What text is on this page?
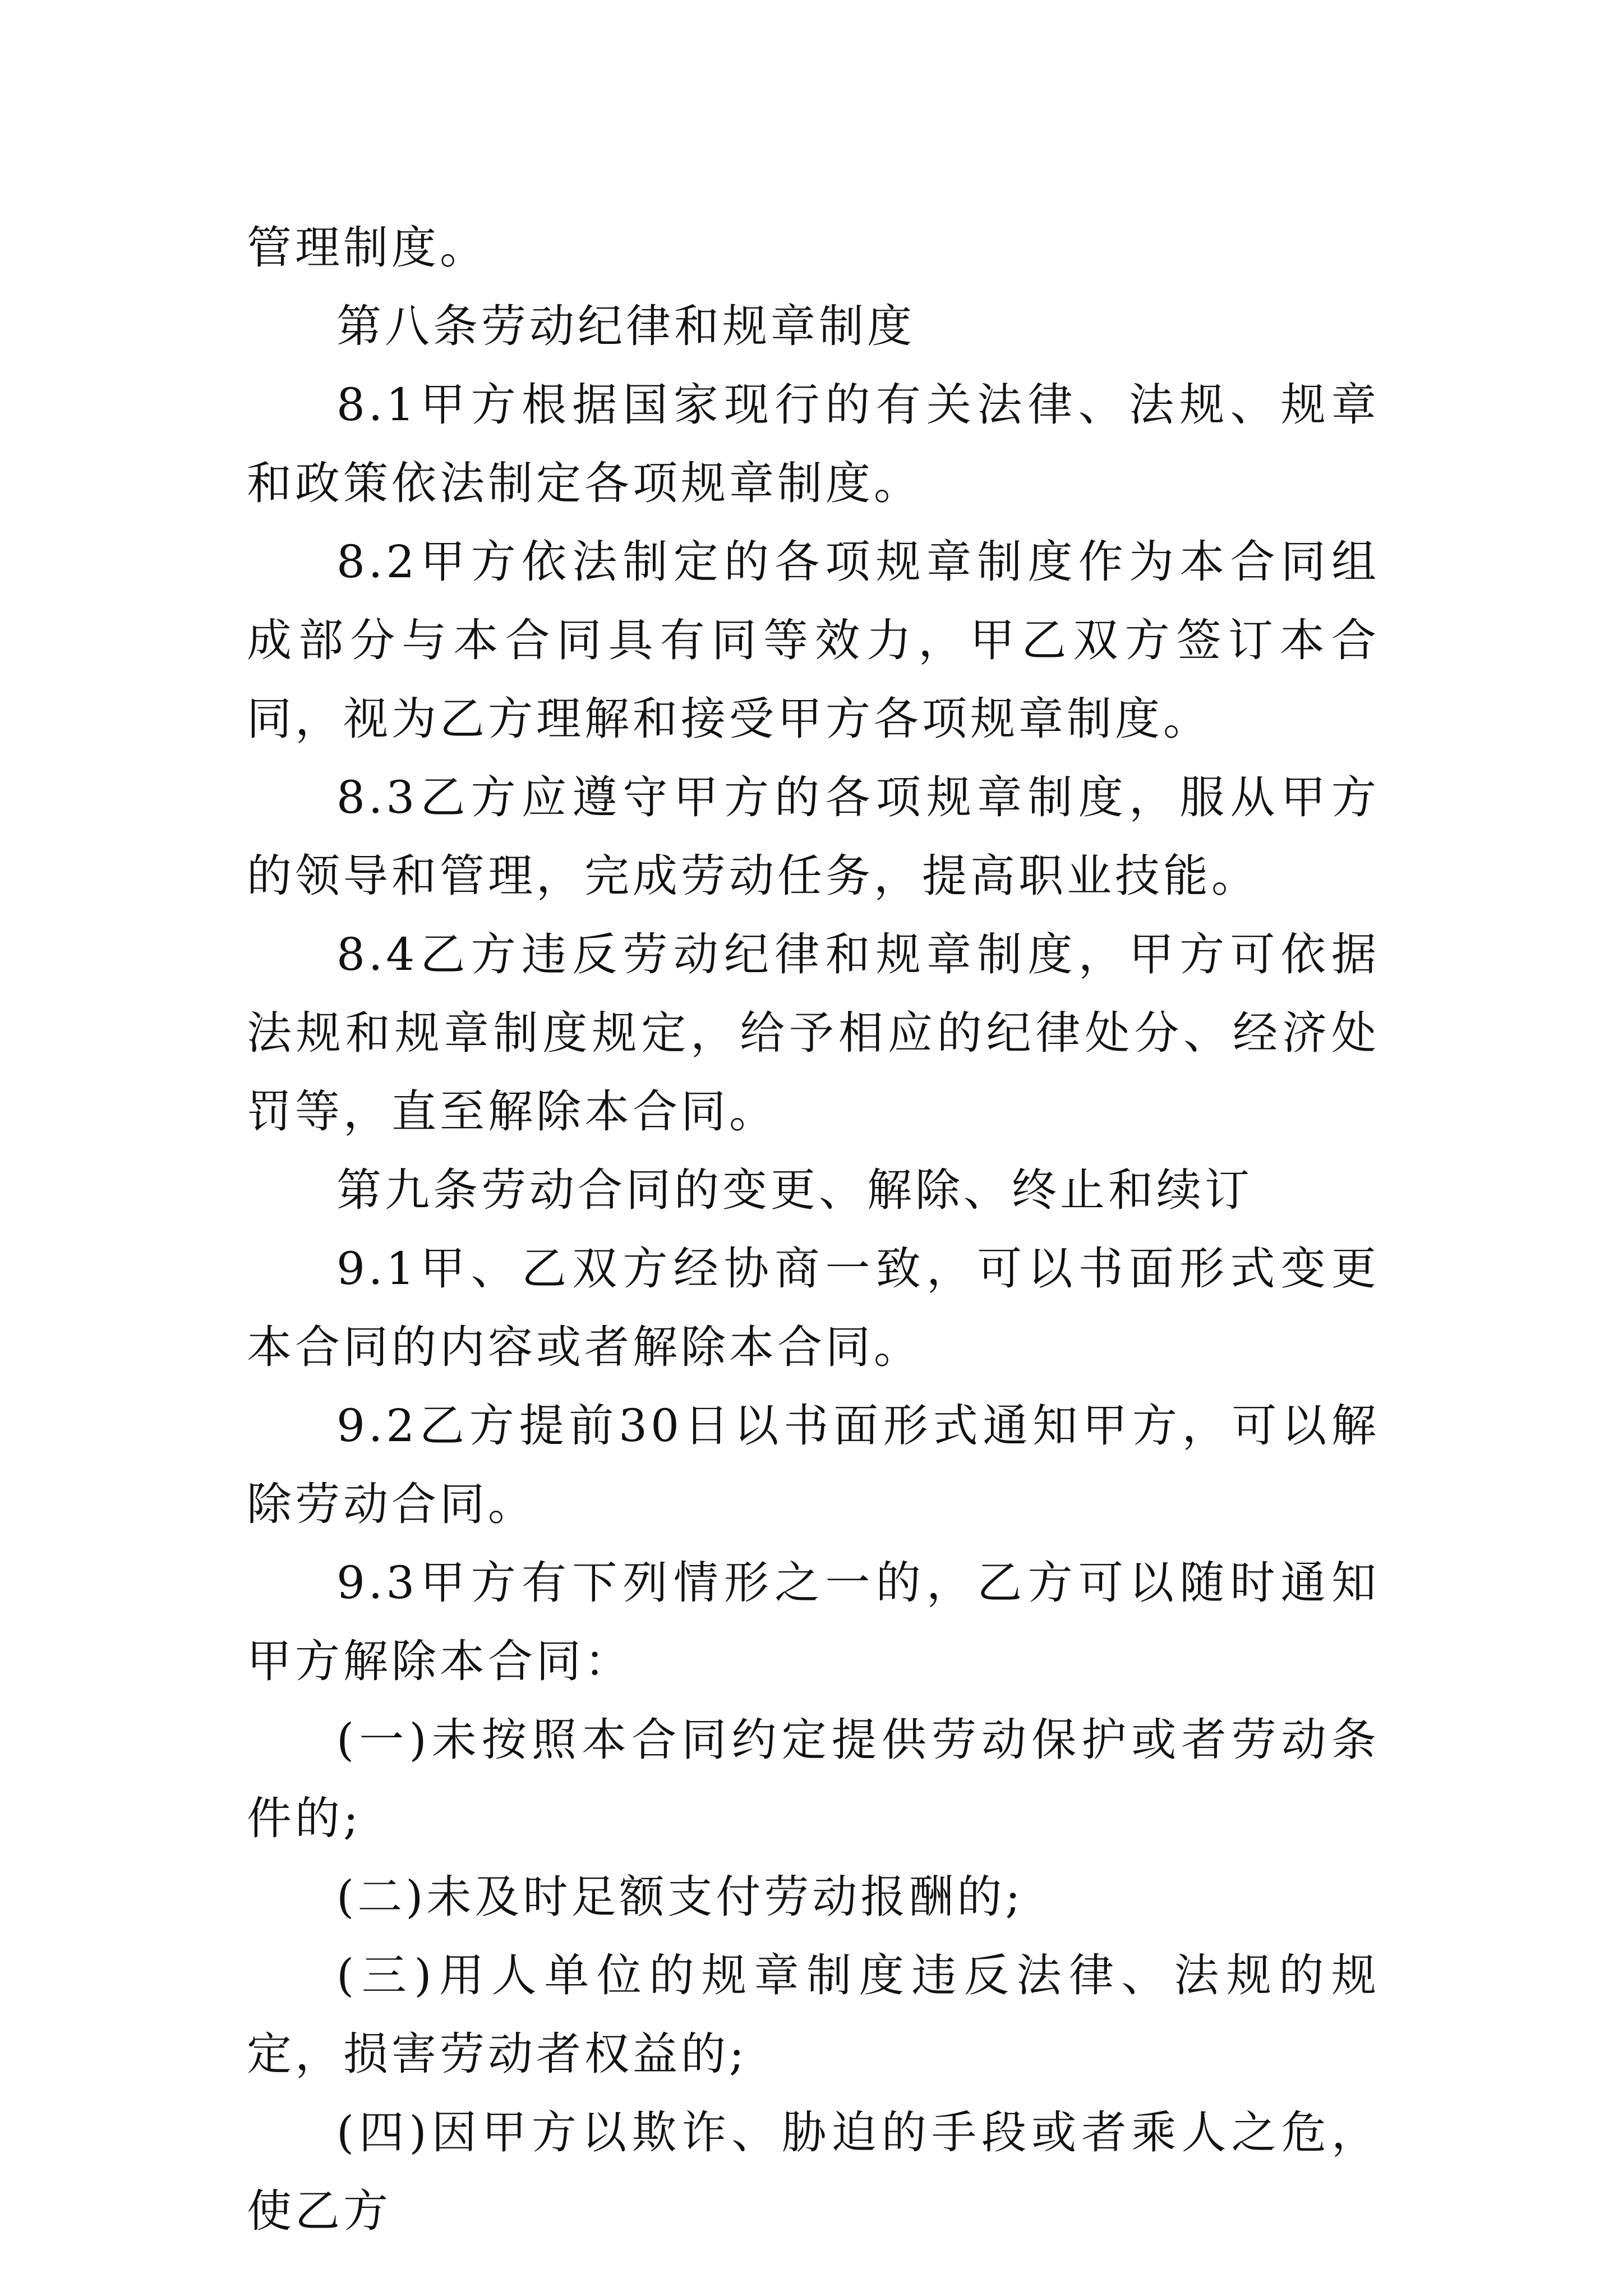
管理制度。

第八条劳动纪律和规章制度

8.1甲方根据国家现行的有关法律、法规、规章和政策依法制定各项规章制度。

8.2甲方依法制定的各项规章制度作为本合同组成部分与本合同具有同等效力，甲乙双方签订本合同，视为乙方理解和接受甲方各项规章制度。

8.3乙方应遵守甲方的各项规章制度，服从甲方的领导和管理，完成劳动任务，提高职业技能。

8.4乙方违反劳动纪律和规章制度，甲方可依据法规和规章制度规定，给予相应的纪律处分、经济处罚等，直至解除本合同。

第九条劳动合同的变更、解除、终止和续订

9.1甲、乙双方经协商一致，可以书面形式变更本合同的内容或者解除本合同。

9.2乙方提前30日以书面形式通知甲方，可以解除劳动合同。

9.3甲方有下列情形之一的，乙方可以随时通知甲方解除本合同：

(一)未按照本合同约定提供劳动保护或者劳动条件的;

(二)未及时足额支付劳动报酬的;

(三)用人单位的规章制度违反法律、法规的规定，损害劳动者权益的;

(四)因甲方以欺诈、胁迫的手段或者乘人之危，使乙方
